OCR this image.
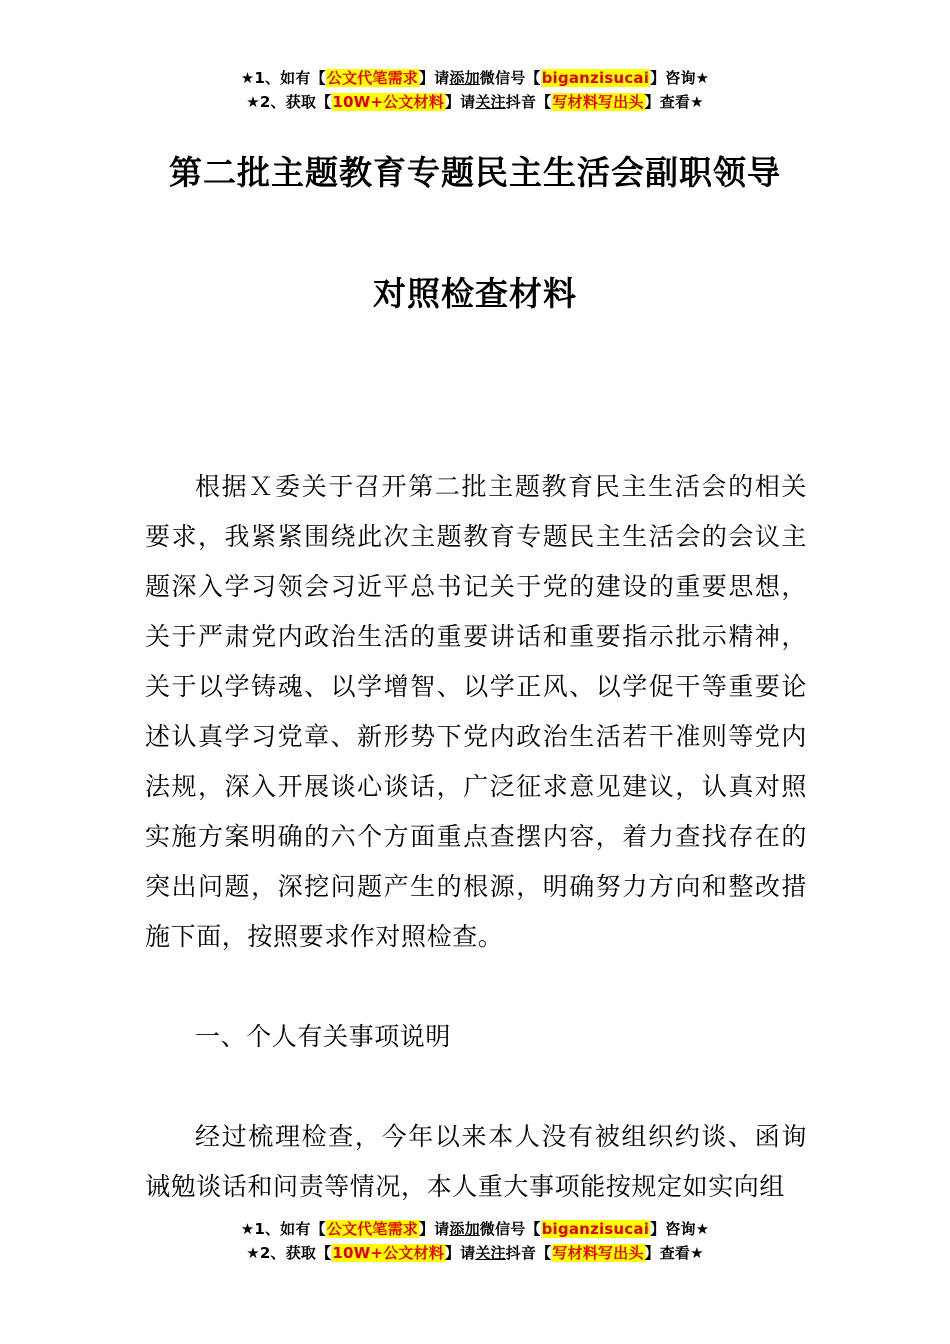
★1、如有【公文代笔需求】请添加微信号【biganzisucai】咨询★
★2、获取【10W+公文材料】请关注抖音【写材料写出头】查看★
第二批主题教育专题民主生活会副职领导
对照检查材料

根据Ｘ委关于召开第二批主题教育民主生活会的相关要求，我紧紧围绕此次主题教育专题民主生活会的会议主题深入学习领会习近平总书记关于党的建设的重要思想，关于严肃党内政治生活的重要讲话和重要指示批示精神，关于以学铸魂、以学增智、以学正风、以学促干等重要论述认真学习党章、新形势下党内政治生活若干准则等党内法规，深入开展谈心谈话，广泛征求意见建议，认真对照实施方案明确的六个方面重点查摆内容，着力查找存在的突出问题，深挖问题产生的根源，明确努力方向和整改措施下面，按照要求作对照检查。

一、个人有关事项说明

经过梳理检查，今年以来本人没有被组织约谈、函询诫勉谈话和问责等情况，本人重大事项能按规定如实向组

★1、如有【公文代笔需求】请添加微信号【biganzisucai】咨询★
★2、获取【10W+公文材料】请关注抖音【写材料写出头】查看★
